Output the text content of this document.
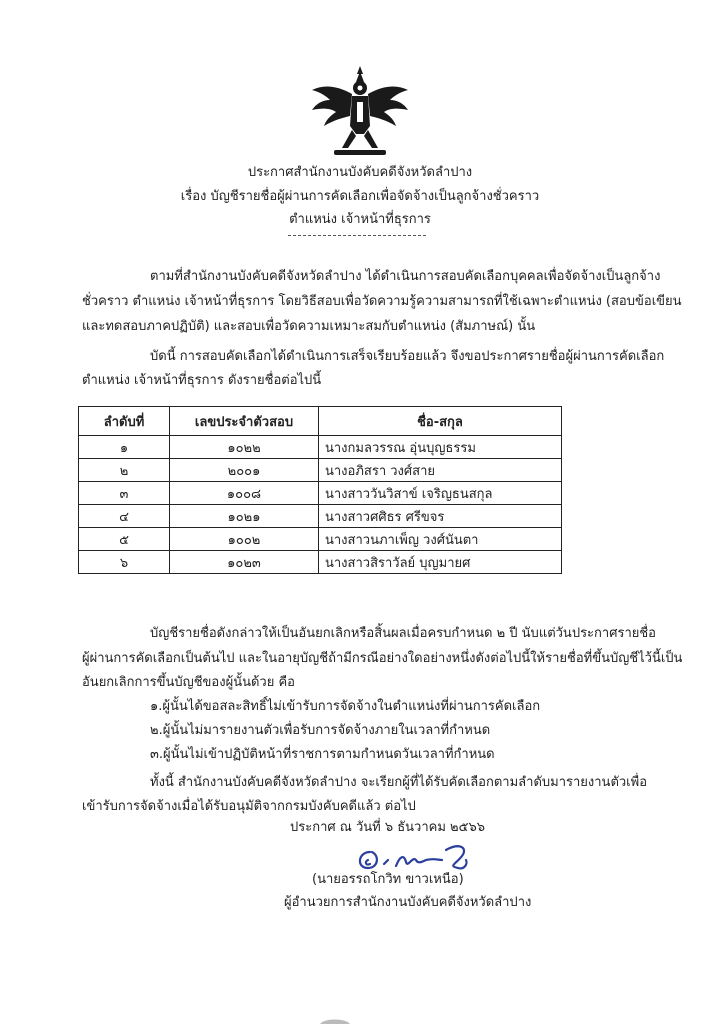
ประกาศสำนักงานบังคับคดีจังหวัดลำปาง
เรื่อง บัญชีรายชื่อผู้ผ่านการคัดเลือกเพื่อจัดจ้างเป็นลูกจ้างชั่วคราว
ตำแหน่ง เจ้าหน้าที่ธุรการ
ตามที่สำนักงานบังคับคดีจังหวัดลำปาง ได้ดำเนินการสอบคัดเลือกบุคคลเพื่อจัดจ้างเป็นลูกจ้าง
ชั่วคราว ตำแหน่ง เจ้าหน้าที่ธุรการ โดยวิธีสอบเพื่อวัดความรู้ความสามารถที่ใช้เฉพาะตำแหน่ง (สอบข้อเขียน
และทดสอบภาคปฏิบัติ) และสอบเพื่อวัดความเหมาะสมกับตำแหน่ง (สัมภาษณ์) นั้น
บัดนี้ การสอบคัดเลือกได้ดำเนินการเสร็จเรียบร้อยแล้ว จึงขอประกาศรายชื่อผู้ผ่านการคัดเลือก
ตำแหน่ง เจ้าหน้าที่ธุรการ ดังรายชื่อต่อไปนี้
ลำดับที่	เลขประจำตัวสอบ	ชื่อ-สกุล
๑	๑๐๒๒	นางกมลวรรณ อุ่นบุญธรรม
๒	๒๐๐๑	นางอภิสรา วงศ์สาย
๓	๑๐๐๘	นางสาววันวิสาข์ เจริญธนสกุล
๔	๑๐๒๑	นางสาวศศิธร ศรีขจร
๕	๑๐๐๒	นางสาวนภาเพ็ญ วงศ์นันตา
๖	๑๐๒๓	นางสาวสิราวัลย์ บุญมายศ
บัญชีรายชื่อดังกล่าวให้เป็นอันยกเลิกหรือสิ้นผลเมื่อครบกำหนด ๒ ปี นับแต่วันประกาศรายชื่อ
ผู้ผ่านการคัดเลือกเป็นต้นไป และในอายุบัญชีถ้ามีกรณีอย่างใดอย่างหนึ่งดังต่อไปนี้ให้รายชื่อที่ขึ้นบัญชีไว้นี้เป็น
อันยกเลิกการขึ้นบัญชีของผู้นั้นด้วย คือ
๑.ผู้นั้นได้ขอสละสิทธิ์ไม่เข้ารับการจัดจ้างในตำแหน่งที่ผ่านการคัดเลือก
๒.ผู้นั้นไม่มารายงานตัวเพื่อรับการจัดจ้างภายในเวลาที่กำหนด
๓.ผู้นั้นไม่เข้าปฏิบัติหน้าที่ราชการตามกำหนดวันเวลาที่กำหนด
ทั้งนี้ สำนักงานบังคับคดีจังหวัดลำปาง จะเรียกผู้ที่ได้รับคัดเลือกตามลำดับมารายงานตัวเพื่อ
เข้ารับการจัดจ้างเมื่อได้รับอนุมัติจากกรมบังคับคดีแล้ว ต่อไป
ประกาศ ณ วันที่ ๖ ธันวาคม ๒๕๖๖
(นายอรรถโกวิท ขาวเหนือ)
ผู้อำนวยการสำนักงานบังคับคดีจังหวัดลำปาง
